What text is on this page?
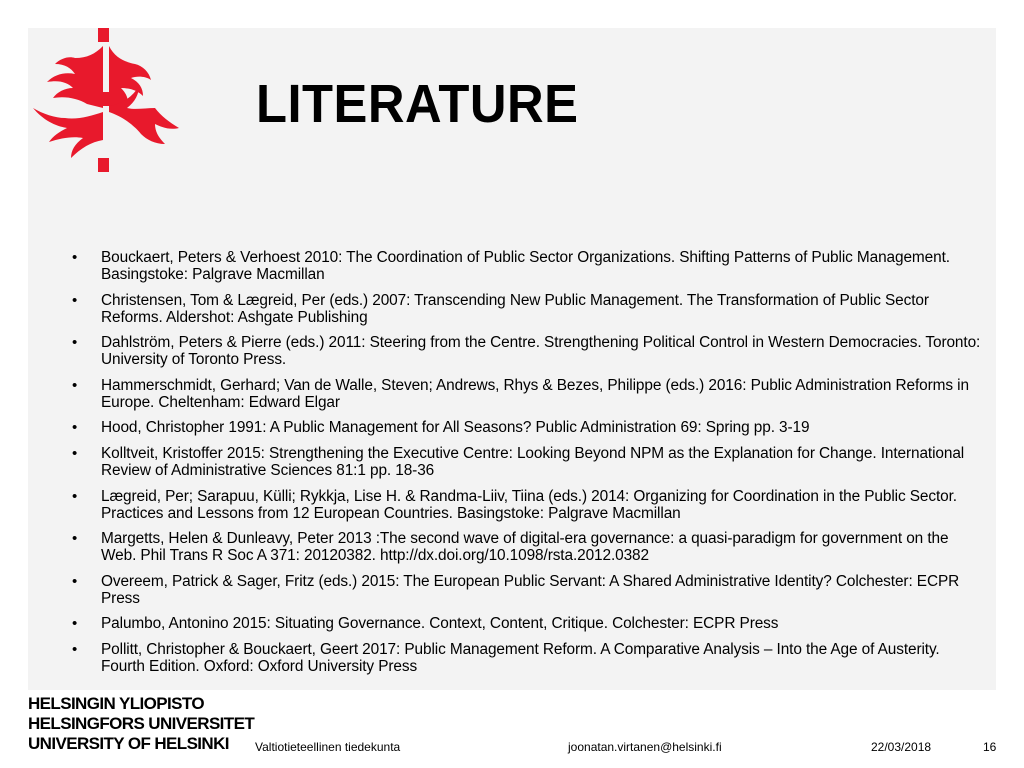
LITERATURE
• Bouckaert, Peters & Verhoest 2010: The Coordination of Public Sector Organizations. Shifting Patterns of Public Management. Basingstoke: Palgrave Macmillan
• Christensen, Tom & Lægreid, Per (eds.) 2007: Transcending New Public Management. The Transformation of Public Sector Reforms. Aldershot: Ashgate Publishing
• Dahlström, Peters & Pierre (eds.) 2011: Steering from the Centre. Strengthening Political Control in Western Democracies. Toronto: University of Toronto Press.
• Hammerschmidt, Gerhard; Van de Walle, Steven; Andrews, Rhys & Bezes, Philippe (eds.) 2016: Public Administration Reforms in Europe. Cheltenham: Edward Elgar
• Hood, Christopher 1991: A Public Management for All Seasons? Public Administration 69: Spring pp. 3-19
• Kolltveit, Kristoffer 2015: Strengthening the Executive Centre: Looking Beyond NPM as the Explanation for Change. International Review of Administrative Sciences 81:1 pp. 18-36
• Lægreid, Per; Sarapuu, Külli; Rykkja, Lise H. & Randma-Liiv, Tiina (eds.) 2014: Organizing for Coordination in the Public Sector. Practices and Lessons from 12 European Countries. Basingstoke: Palgrave Macmillan
• Margetts, Helen & Dunleavy, Peter 2013 :The second wave of digital-era governance: a quasi-paradigm for government on the Web. Phil Trans R Soc A 371: 20120382. http://dx.doi.org/10.1098/rsta.2012.0382
• Overeem, Patrick & Sager, Fritz (eds.) 2015: The European Public Servant: A Shared Administrative Identity? Colchester: ECPR Press
• Palumbo, Antonino 2015: Situating Governance. Context, Content, Critique. Colchester: ECPR Press
• Pollitt, Christopher & Bouckaert, Geert 2017: Public Management Reform. A Comparative Analysis – Into the Age of Austerity. Fourth Edition. Oxford: Oxford University Press
HELSINGIN YLIOPISTO
HELSINGFORS UNIVERSITET
UNIVERSITY OF HELSINKI	Valtiotieteellinen tiedekunta	joonatan.virtanen@helsinki.fi	22/03/2018	16
